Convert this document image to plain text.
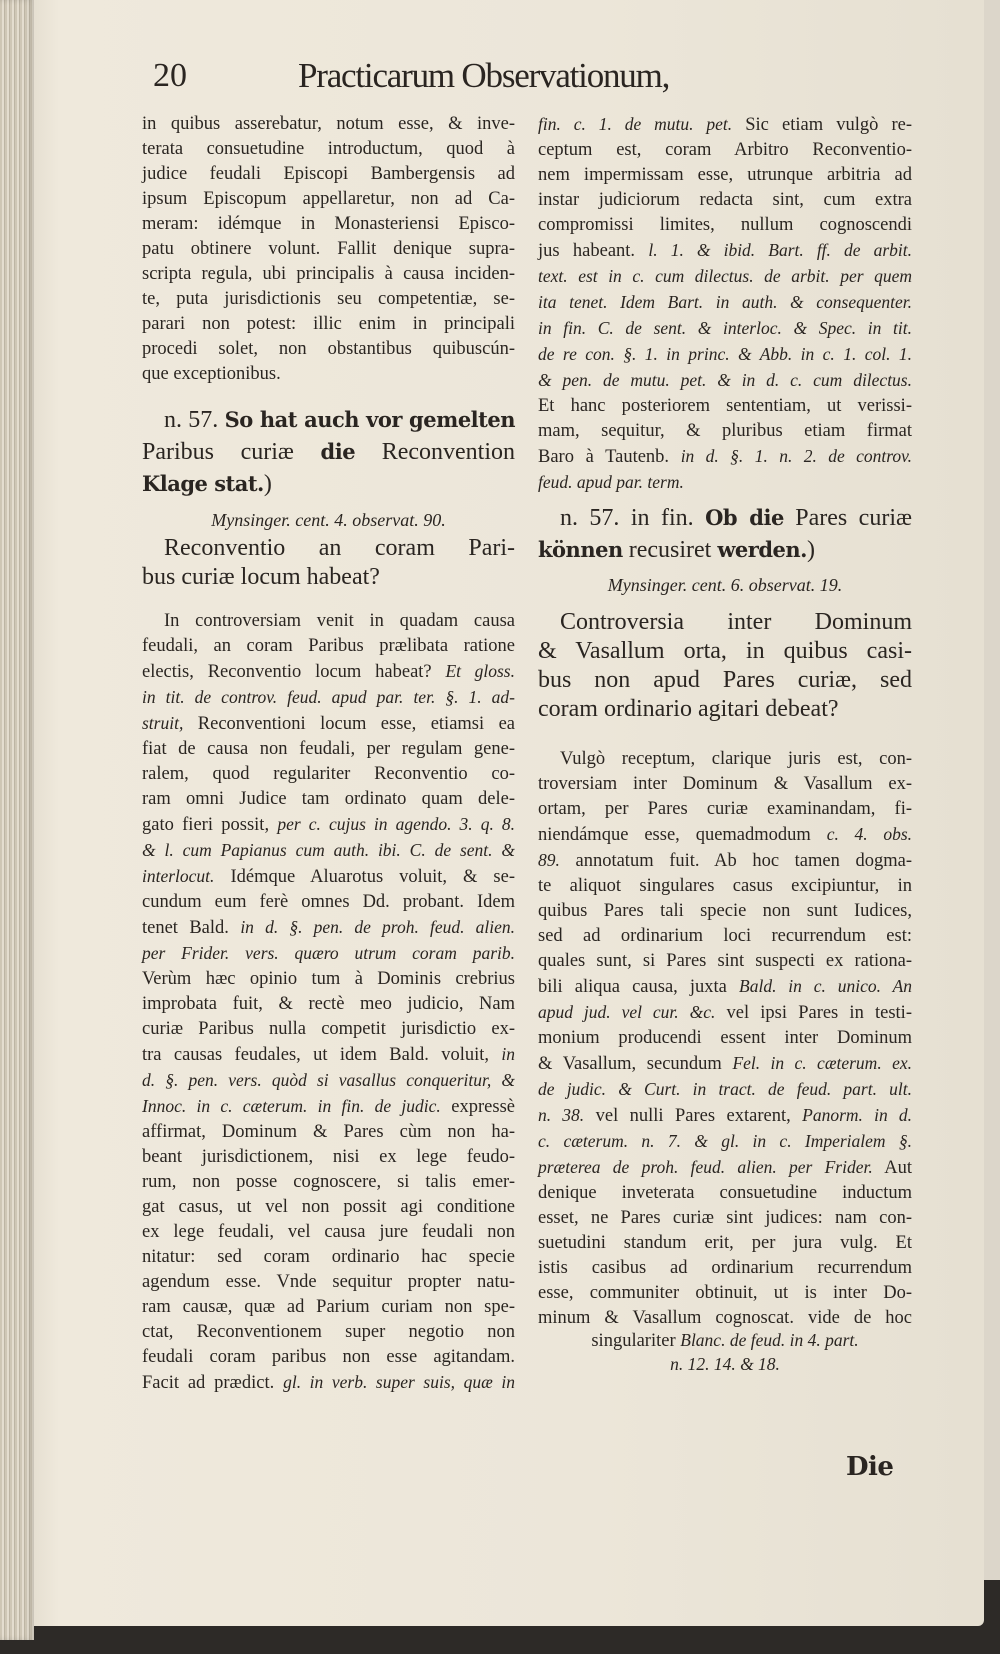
20	Practicarum Observationum,
in quibus asserebatur, notum esse, & inve-
terata consuetudine introductum, quod à
judice feudali Episcopi Bambergensis ad
ipsum Episcopum appellaretur, non ad Ca-
meram: idémque in Monasteriensi Episco-
patu obtinere volunt. Fallit denique supra-
scripta regula, ubi principalis à causa inciden-
te, puta jurisdictionis seu competentiæ, se-
parari non potest: illic enim in principali
procedi solet, non obstantibus quibuscún-
que exceptionibus.
n. 57. So hat auch vor gemelten
Paribus curiæ die Reconvention
Klage stat.)
Mynsinger. cent. 4. observat. 90.
Reconventio an coram Pari-
bus curiæ locum habeat?
In controversiam venit in quadam causa
feudali, an coram Paribus prælibata ratione
electis, Reconventio locum habeat? Et gloss.
in tit. de controv. feud. apud par. ter. §. 1. ad-
struit, Reconventioni locum esse, etiamsi ea
fiat de causa non feudali, per regulam gene-
ralem, quod regulariter Reconventio co-
ram omni Judice tam ordinato quam dele-
gato fieri possit, per c. cujus in agendo. 3. q. 8.
& l. cum Papianus cum auth. ibi. C. de sent. &
interlocut. Idémque Aluarotus voluit, & se-
cundum eum ferè omnes Dd. probant. Idem
tenet Bald. in d. §. pen. de proh. feud. alien.
per Frider. vers. quæro utrum coram parib.
Verùm hæc opinio tum à Dominis crebrius
improbata fuit, & rectè meo judicio, Nam
curiæ Paribus nulla competit jurisdictio ex-
tra causas feudales, ut idem Bald. voluit, in
d. §. pen. vers. quòd si vasallus conqueritur, &
Innoc. in c. cæterum. in fin. de judic. expressè
affirmat, Dominum & Pares cùm non ha-
beant jurisdictionem, nisi ex lege feudo-
rum, non posse cognoscere, si talis emer-
gat casus, ut vel non possit agi conditione
ex lege feudali, vel causa jure feudali non
nitatur: sed coram ordinario hac specie
agendum esse. Vnde sequitur propter natu-
ram causæ, quæ ad Parium curiam non spe-
ctat, Reconventionem super negotio non
feudali coram paribus non esse agitandam.
Facit ad prædict. gl. in verb. super suis, quæ in
fin. c. 1. de mutu. pet. Sic etiam vulgò re-
ceptum est, coram Arbitro Reconventio-
nem impermissam esse, utrunque arbitria ad
instar judiciorum redacta sint, cum extra
compromissi limites, nullum cognoscendi
jus habeant. l. 1. & ibid. Bart. ff. de arbit.
text. est in c. cum dilectus. de arbit. per quem
ita tenet. Idem Bart. in auth. & consequenter.
in fin. C. de sent. & interloc. & Spec. in tit.
de re con. §. 1. in princ. & Abb. in c. 1. col. 1.
& pen. de mutu. pet. & in d. c. cum dilectus.
Et hanc posteriorem sententiam, ut verissi-
mam, sequitur, & pluribus etiam firmat
Baro à Tautenb. in d. §. 1. n. 2. de controv.
feud. apud par. term.
n. 57. in fin. Ob die Pares curiæ
können recusiret werden.)
Mynsinger. cent. 6. observat. 19.
Controversia inter Dominum
& Vasallum orta, in quibus casi-
bus non apud Pares curiæ, sed
coram ordinario agitari debeat?
Vulgò receptum, clarique juris est, con-
troversiam inter Dominum & Vasallum ex-
ortam, per Pares curiæ examinandam, fi-
niendámque esse, quemadmodum c. 4. obs.
89. annotatum fuit. Ab hoc tamen dogma-
te aliquot singulares casus excipiuntur, in
quibus Pares tali specie non sunt Iudices,
sed ad ordinarium loci recurrendum est:
quales sunt, si Pares sint suspecti ex rationa-
bili aliqua causa, juxta Bald. in c. unico. An
apud jud. vel cur. &c. vel ipsi Pares in testi-
monium producendi essent inter Dominum
& Vasallum, secundum Fel. in c. cæterum. ex.
de judic. & Curt. in tract. de feud. part. ult.
n. 38. vel nulli Pares extarent, Panorm. in d.
c. cæterum. n. 7. & gl. in c. Imperialem §.
præterea de proh. feud. alien. per Frider. Aut
denique inveterata consuetudine inductum
esset, ne Pares curiæ sint judices: nam con-
suetudini standum erit, per jura vulg. Et
istis casibus ad ordinarium recurrendum
esse, communiter obtinuit, ut is inter Do-
minum & Vasallum cognoscat. vide de hoc
singulariter Blanc. de feud. in 4. part.
n. 12. 14. & 18.
Die
